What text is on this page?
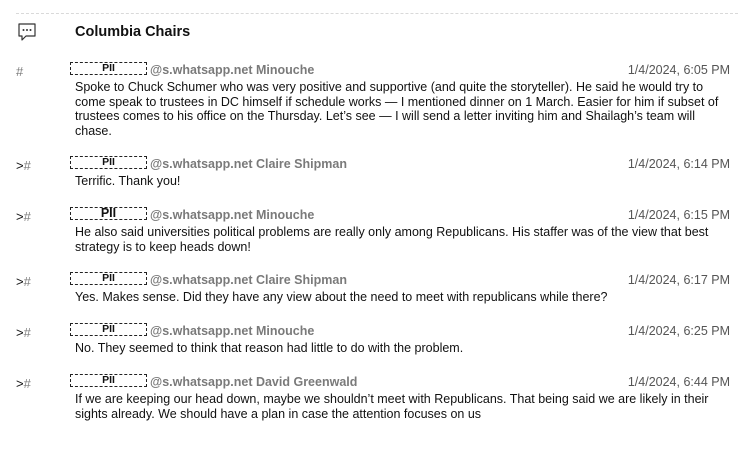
Columbia Chairs
#	PII	@s.whatsapp.net Minouche	1/4/2024, 6:05 PM
Spoke to Chuck Schumer who was very positive and supportive (and quite the storyteller). He said he would try to come speak to trustees in DC himself if schedule works — I mentioned dinner on 1 March. Easier for him if subset of trustees comes to his office on the Thursday. Let’s see — I will send a letter inviting him and Shailagh’s team will chase.
>#	PII	@s.whatsapp.net Claire Shipman	1/4/2024, 6:14 PM
Terrific. Thank you!
>#	PII	@s.whatsapp.net Minouche	1/4/2024, 6:15 PM
He also said universities political problems are really only among Republicans. His staffer was of the view that best strategy is to keep heads down!
>#	PII	@s.whatsapp.net Claire Shipman	1/4/2024, 6:17 PM
Yes. Makes sense. Did they have any view about the need to meet with republicans while there?
>#	PII	@s.whatsapp.net Minouche	1/4/2024, 6:25 PM
No. They seemed to think that reason had little to do with the problem.
>#	PII	@s.whatsapp.net David Greenwald	1/4/2024, 6:44 PM
If we are keeping our head down, maybe we shouldn’t meet with Republicans. That being said we are likely in their sights already. We should have a plan in case the attention focuses on us
